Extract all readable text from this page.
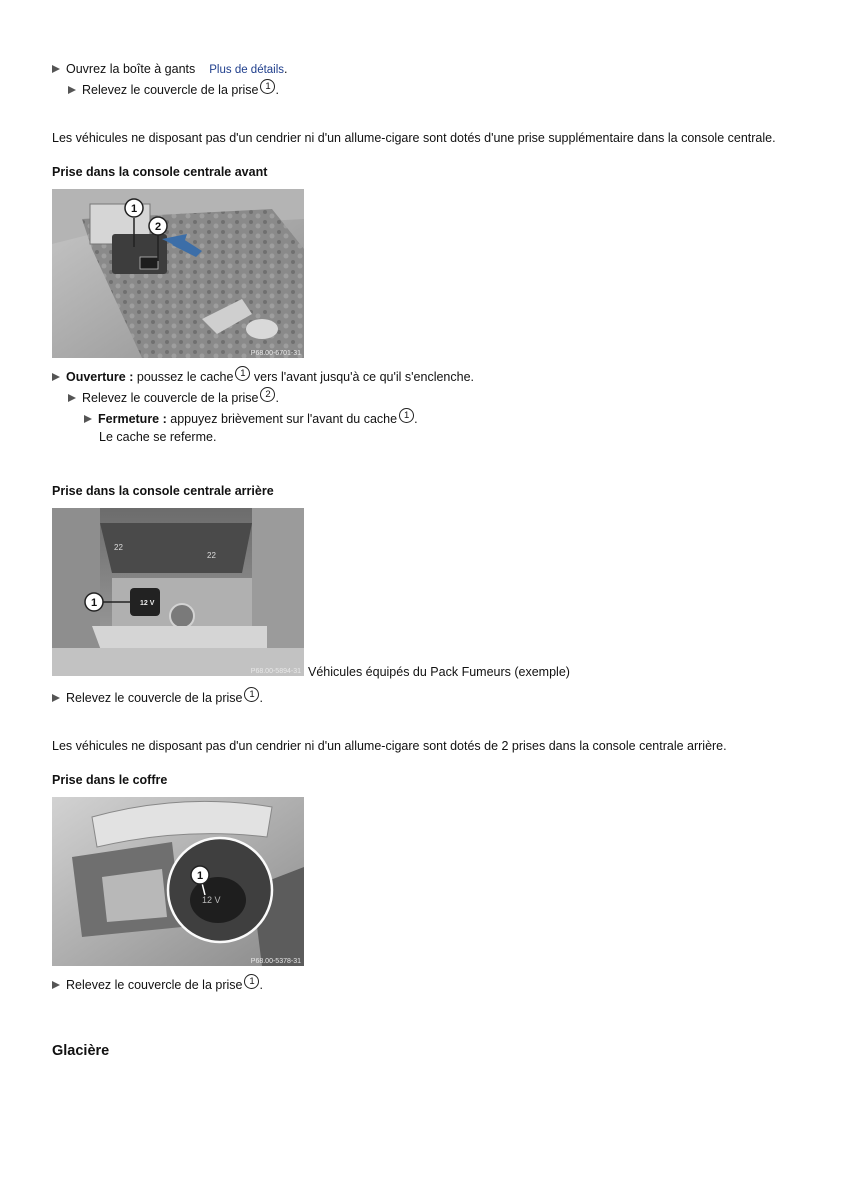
Ouvrez la boîte à gants Plus de détails.
Relevez le couvercle de la prise 1 .
Les véhicules ne disposant pas d'un cendrier ni d'un allume-cigare sont dotés d'une prise supplémentaire dans la console centrale.
Prise dans la console centrale avant
1
2
P68.00-6701-31
Ouverture : poussez le cache 1 vers l'avant jusqu'à ce qu'il s'enclenche.
Relevez le couvercle de la prise 2 .
Fermeture : appuyez brièvement sur l'avant du cache 1 .
Le cache se referme.
Prise dans la console centrale arrière
22
22
12 V
1
P68.00-5894-31 Véhicules équipés du Pack Fumeurs (exemple)
Relevez le couvercle de la prise 1 .
Les véhicules ne disposant pas d'un cendrier ni d'un allume-cigare sont dotés de 2 prises dans la console centrale arrière.
Prise dans le coffre
12 V
1
P68.00-5378-31
Relevez le couvercle de la prise 1 .
Glacière
